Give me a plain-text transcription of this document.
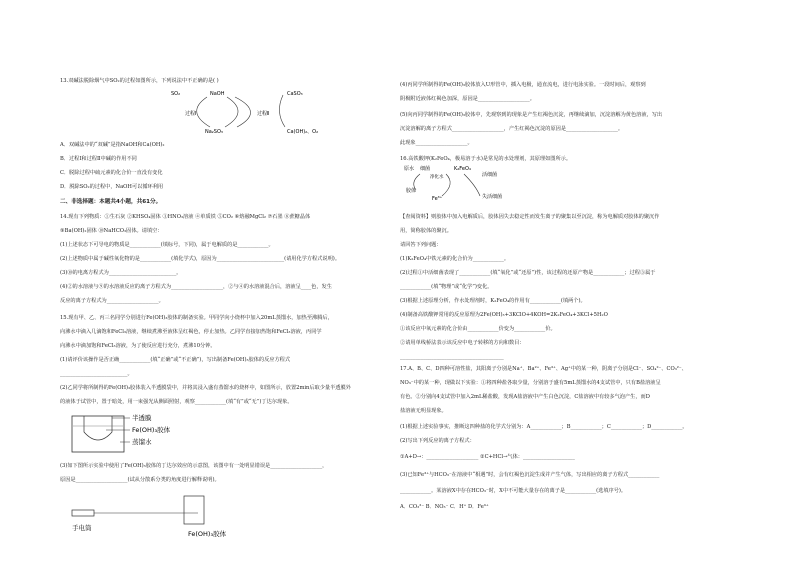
13.双碱法脱除烟气中SO₂的过程如图所示，下列说法中不正确的是( )
SO₂	NaOH	CaSO₃
过程Ⅰ	过程Ⅱ
Na₂SO₃	Ca(OH)₂、O₂
A．双碱法中的“双碱”是指NaOH和Ca(OH)₂
B．过程Ⅰ和过程Ⅱ中碱的作用不同
C．脱除过程中硫元素的化合价一直没有变化
D．脱除SO₂的过程中，NaOH可以循环利用
二、非选择题：本题共4小题，共61分。
14.现有下列物质：①生石灰 ②KHSO₄固体 ③HNO₃溶液 ④单质铁 ⑤CO₂ ⑥熔融MgCl₂ ⑦石墨 ⑧蔗糖晶体
⑨Ba(OH)₂固体 ⑩NaHCO₃固体。请填空：
(1)上述状态下可导电的物质是____________(填标号，下同)，属于电解质的是____________。
(2)上述物质中属于碱性氧化物的是____________(填化学式)，原因为__________________________(请用化学方程式说明)。
(3)⑩的电离方程式为__________________________。
(4)②的水溶液与⑨的水溶液反应的离子方程式为____________________，②与④的水溶液混合后，溶液呈____色，发生
反应的离子方程式为____________________。
15.现有甲、乙、丙三名同学分别进行Fe(OH)₃胶体的制备实验。甲同学向小烧杯中加入20mL蒸馏水，加热至沸腾后，
向沸水中滴入几滴饱和FeCl₃溶液，继续煮沸至液体呈红褐色，停止加热。乙同学直接加热饱和FeCl₃溶液，丙同学
向沸水中滴加饱和FeCl₃溶液，为了使反应进行充分，煮沸10分钟。
(1)请评价该操作是否正确____________(填“正确”或“不正确”)，写出制备Fe(OH)₃胶体的反应方程式
__________________________。
(2)乙同学将所制得的Fe(OH)₃胶体装入半透膜袋中，并将其浸入盛有蒸馏水的烧杯中，如图所示，放置2min后取少量半透膜外
的液体于试管中，置于暗处，用一束强光从侧面照射，观察____________(填“有”或“无”)丁达尔现象。
半透膜
Fe(OH)₃胶体
蒸馏水
(3)如下图所示实验中使用了Fe(OH)₃胶体的丁达尔效应的示意图，该图中有一处明显错误是____________________，
原因是____________________(试从分散系分类的角度进行解释说明)。
手电筒
Fe(OH)₃胶体
(4)丙同学所制得的Fe(OH)₃胶体放入U形管中，插入电极，通直流电，进行电泳实验。一段时间后，观察到
阴极附近液体红褐色加深，原因是____________________。
(5)向丙同学制得的Fe(OH)₃胶体中，先观察到的现象是产生红褐色沉淀，再继续滴加，沉淀溶解为黄色溶液，写出
沉淀溶解的离子方程式____________________，产生红褐色沉淀的原因是____________________。
此现象____________________。
16.高铁酸钾(K₂FeO₄，极易溶于水)是常见的水处理剂，其原理如图所示。
原水 细菌	K₂FeO₄
净化水	活细菌
胶体
Fe³⁺	失活细菌
【查阅资料】则胶体中加入电解质后，胶体因失去稳定性而发生离子的聚集以至沉淀，称为电解质对胶体的聚沉作
用，简称胶体的聚沉。
请回答下列问题：
(1)K₂FeO₄中铁元素的化合价为____________。
(2)过程①中活细菌表现了____________(填“氧化”或“还原”)性，该过程的还原产物是____________；过程③属于
____________(填“物理”或“化学”)变化。
(3)根据上述原理分析，作水处理剂时，K₂FeO₄的作用有____________(填两个)。
(4)制备高铁酸钾常用的反应原理为2Fe(OH)₃+3KClO+4KOH=2K₂FeO₄+3KCl+5H₂O
①该反应中氧元素的化合价由____________价变为____________价。
②请用单线桥法表示该反应中电子转移的方向和数目：
________________________________________
17.A、B、C、D四种可溶性盐，其阳离子分别是Na⁺、Ba²⁺、Fe³⁺、Ag⁺中的某一种，阴离子分别是Cl⁻、SO₄²⁻、CO₃²⁻、
NO₃⁻中的某一种，现做以下实验：①将四种盐各取少量，分别溶于盛有5mL蒸馏水的4支试管中，只有B盐溶液呈
有色。②分别向4支试管中加入2mL稀盐酸，发现A盐溶液中产生白色沉淀，C盐溶液中有较多气泡产生，而D
盐溶液无明显现象。
(1)根据上述实验事实，推断这四种盐的化学式分别为：A____________；B____________；C____________；D____________。
(2)写出下列反应的离子方程式：
①A+D→：____________________ ②C+HCl→气体：____________________
(3)已知Fe³⁺与HCO₃⁻在溶液中“相遇”时，会有红褐色沉淀生成并产生气体，写出相应的离子方程式____________
____________。某溶液X中存在HCO₃⁻时，X中不可能大量存在的离子是____________(选填序号)。
A．CO₃²⁻ B．NO₃⁻ C．H⁺ D．Fe³⁺
